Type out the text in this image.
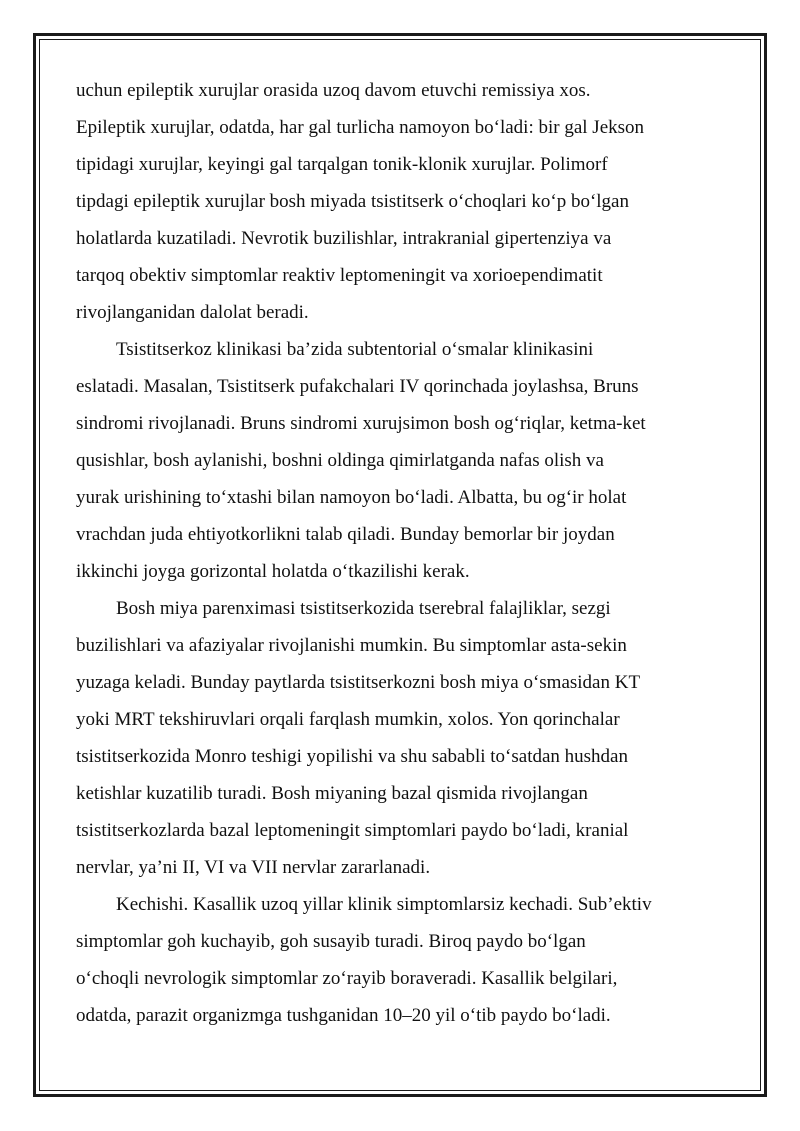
uchun epileptik xurujlar orasida uzoq davom etuvchi remissiya xos.
Epileptik xurujlar, odatda, har gal turlicha namoyon bo‘ladi: bir gal Jekson
tipidagi xurujlar, keyingi gal tarqalgan tonik-klonik xurujlar. Polimorf
tipdagi epileptik xurujlar bosh miyada tsistitserk o‘choqlari ko‘p bo‘lgan
holatlarda kuzatiladi. Nevrotik buzilishlar, intrakranial gipertenziya va
tarqoq obektiv simptomlar reaktiv leptomeningit va xorioependimatit
rivojlanganidan dalolat beradi.
Tsistitserkoz klinikasi ba’zida subtentorial o‘smalar klinikasini
eslatadi. Masalan, Tsistitserk pufakchalari IV qorinchada joylashsa, Bruns
sindromi rivojlanadi. Bruns sindromi xurujsimon bosh og‘riqlar, ketma-ket
qusishlar, bosh aylanishi, boshni oldinga qimirlatganda nafas olish va
yurak urishining to‘xtashi bilan namoyon bo‘ladi. Albatta, bu og‘ir holat
vrachdan juda ehtiyotkorlikni talab qiladi. Bunday bemorlar bir joydan
ikkinchi joyga gorizontal holatda o‘tkazilishi kerak.
Bosh miya parenximasi tsistitserkozida tserebral falajliklar, sezgi
buzilishlari va afaziyalar rivojlanishi mumkin. Bu simptomlar asta-sekin
yuzaga keladi. Bunday paytlarda tsistitserkozni bosh miya o‘smasidan KT
yoki MRT tekshiruvlari orqali farqlash mumkin, xolos. Yon qorinchalar
tsistitserkozida Monro teshigi yopilishi va shu sababli to‘satdan hushdan
ketishlar kuzatilib turadi. Bosh miyaning bazal qismida rivojlangan
tsistitserkozlarda bazal leptomeningit simptomlari paydo bo‘ladi, kranial
nervlar, ya’ni II, VI va VII nervlar zararlanadi.
Kechishi. Kasallik uzoq yillar klinik simptomlarsiz kechadi. Sub’ektiv
simptomlar goh kuchayib, goh susayib turadi. Biroq paydo bo‘lgan
o‘choqli nevrologik simptomlar zo‘rayib boraveradi. Kasallik belgilari,
odatda, parazit organizmga tushganidan 10–20 yil o‘tib paydo bo‘ladi.
